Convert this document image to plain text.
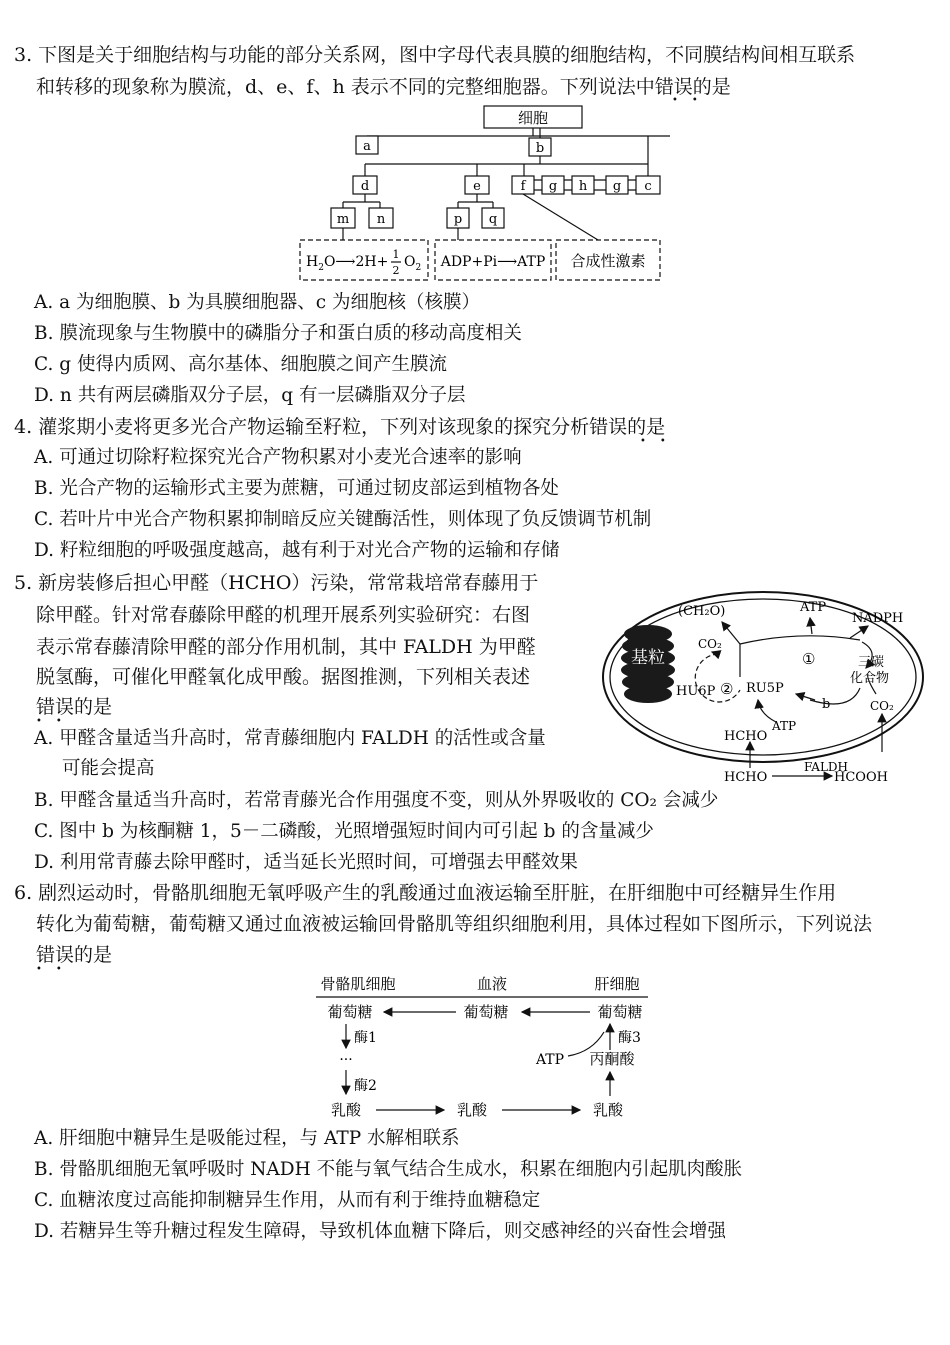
3. 下图是关于细胞结构与功能的部分关系网，图中字母代表具膜的细胞结构，不同膜结构间相互联系
和转移的现象称为膜流，d、e、f、h 表示不同的完整细胞器。下列说法中错误的是
••
细胞
a	b
d	e	f g h g c
m n	p q
$H_2O⟶2H+ 1$
2
$O_2$ ADP+Pi⟶ATP 合成性激素
A. a 为细胞膜、b 为具膜细胞器、c 为细胞核（核膜）
B. 膜流现象与生物膜中的磷脂分子和蛋白质的移动高度相关
C. g 使得内质网、高尔基体、细胞膜之间产生膜流
D. n 共有两层磷脂双分子层，q 有一层磷脂双分子层
4. 灌浆期小麦将更多光合产物运输至籽粒，下列对该现象的探究分析错误的是
••
A. 可通过切除籽粒探究光合产物积累对小麦光合速率的影响
B. 光合产物的运输形式主要为蔗糖，可通过韧皮部运到植物各处
C. 若叶片中光合产物积累抑制暗反应关键酶活性，则体现了负反馈调节机制
D. 籽粒细胞的呼吸强度越高，越有利于对光合产物的运输和存储
5. 新房装修后担心甲醛（HCHO）污染，常常栽培常春藤用于
除甲醛。针对常春藤除甲醛的机理开展系列实验研究：右图
表示常春藤清除甲醛的部分作用机制，其中 FALDH 为甲醛
脱氢酶，可催化甲醛氧化成甲酸。据图推测，下列相关表述
错误的是
••
A. 甲醛含量适当升高时，常青藤细胞内 FALDH 的活性或含量
可能会提高
基粒
(CH₂O)	ATP
NADPH
CO₂
①	三碳
化合物
HU6P ② RU5P
b
ATP
CO₂
HCHO
HCHO
FALDH
HCOOH
B. 甲醛含量适当升高时，若常青藤光合作用强度不变，则从外界吸收的 CO₂ 会减少
C. 图中 b 为核酮糖 1，5－二磷酸，光照增强短时间内可引起 b 的含量减少
D. 利用常青藤去除甲醛时，适当延长光照时间，可增强去甲醛效果
6. 剧烈运动时，骨骼肌细胞无氧呼吸产生的乳酸通过血液运输至肝脏，在肝细胞中可经糖异生作用
转化为葡萄糖，葡萄糖又通过血液被运输回骨骼肌等组织细胞利用，具体过程如下图所示，下列说法
错误的是
••
骨骼肌细胞	血液	肝细胞
葡萄糖	葡萄糖	葡萄糖
酶1
···
酶2
酶3
ATP 丙酮酸
乳酸	乳酸	乳酸
A. 肝细胞中糖异生是吸能过程，与 ATP 水解相联系
B. 骨骼肌细胞无氧呼吸时 NADH 不能与氧气结合生成水，积累在细胞内引起肌肉酸胀
C. 血糖浓度过高能抑制糖异生作用，从而有利于维持血糖稳定
D. 若糖异生等升糖过程发生障碍，导致机体血糖下降后，则交感神经的兴奋性会增强
